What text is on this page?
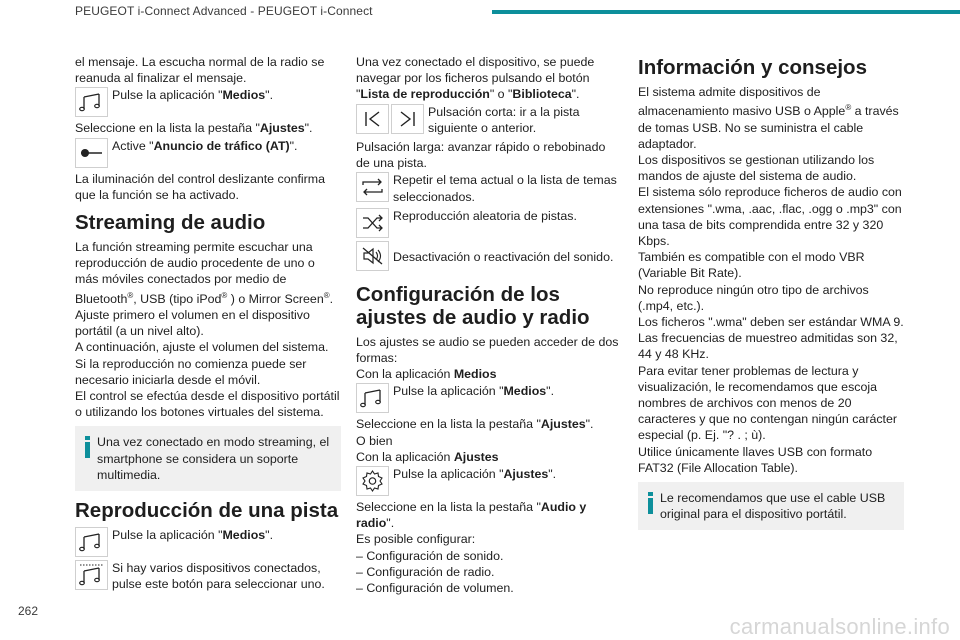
PEUGEOT i-Connect Advanced - PEUGEOT i-Connect

el mensaje. La escucha normal de la radio se reanuda al finalizar el mensaje.

Pulse la aplicación "Medios".

Seleccione en la lista la pestaña "Ajustes".

Active "Anuncio de tráfico (AT)".

La iluminación del control deslizante confirma que la función se ha activado.

Streaming de audio

La función streaming permite escuchar una reproducción de audio procedente de uno o más móviles conectados por medio de Bluetooth®, USB (tipo iPod® ) o Mirror Screen®.

Ajuste primero el volumen en el dispositivo portátil (a un nivel alto).

A continuación, ajuste el volumen del sistema.

Si la reproducción no comienza puede ser necesario iniciarla desde el móvil.

El control se efectúa desde el dispositivo portátil o utilizando los botones virtuales del sistema.

Una vez conectado en modo streaming, el smartphone se considera un soporte multimedia.
Reproducción de una pista
Pulse la aplicación "Medios".
Si hay varios dispositivos conectados, pulse este botón para seleccionar uno.

Una vez conectado el dispositivo, se puede navegar por los ficheros pulsando el botón "Lista de reproducción" o "Biblioteca".

Pulsación corta: ir a la pista siguiente o anterior.

Pulsación larga: avanzar rápido o rebobinado de una pista.

Repetir el tema actual o la lista de temas seleccionados.
Reproducción aleatoria de pistas.
Desactivación o reactivación del sonido.
Configuración de los ajustes de audio y radio

Los ajustes se audio se pueden acceder de dos formas:

Con la aplicación Medios

Pulse la aplicación "Medios".

Seleccione en la lista la pestaña "Ajustes".

O bien

Con la aplicación Ajustes

Pulse la aplicación "Ajustes".

Seleccione en la lista la pestaña "Audio y radio".

Es posible configurar:

– Configuración de sonido.

– Configuración de radio.

– Configuración de volumen.

Información y consejos

El sistema admite dispositivos de almacenamiento masivo USB o Apple® a través de tomas USB. No se suministra el cable adaptador.

Los dispositivos se gestionan utilizando los mandos de ajuste del sistema de audio.

El sistema sólo reproduce ficheros de audio con extensiones ".wma, .aac, .flac, .ogg o .mp3" con una tasa de bits comprendida entre 32 y 320 Kbps.

También es compatible con el modo VBR (Variable Bit Rate).

No reproduce ningún otro tipo de archivos (.mp4, etc.).

Los ficheros ".wma" deben ser estándar WMA 9.

Las frecuencias de muestreo admitidas son 32, 44 y 48 KHz.

Para evitar tener problemas de lectura y visualización, le recomendamos que escoja nombres de archivos con menos de 20 caracteres y que no contengan ningún carácter especial (p. Ej. "? . ; ù).

Utilice únicamente llaves USB con formato FAT32 (File Allocation Table).

Le recomendamos que use el cable USB original para el dispositivo portátil.
262
carmanualsonline.info
